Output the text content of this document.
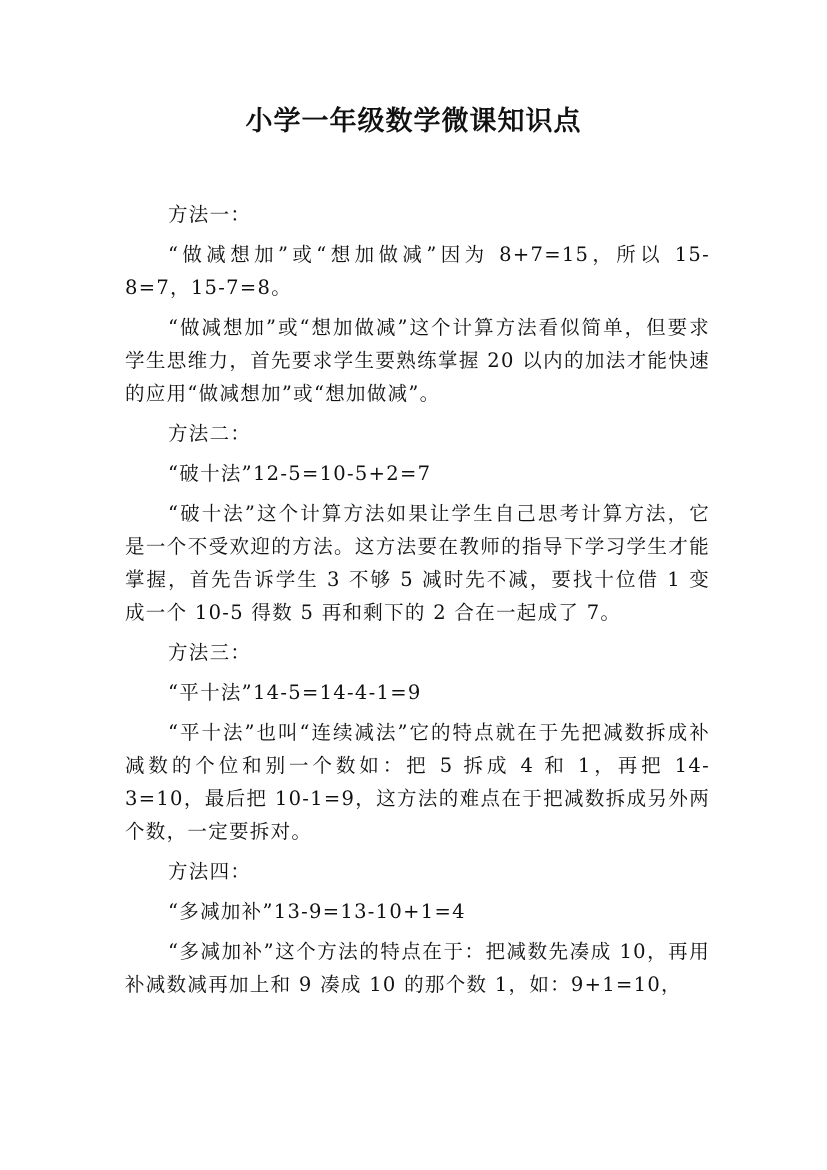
小学一年级数学微课知识点

方法一：

“做减想加”或“想加做减”因为 8+7=15，所以 15-8=7，15-7=8。

“做减想加”或“想加做减”这个计算方法看似简单，但要求学生思维力，首先要求学生要熟练掌握 20 以内的加法才能快速的应用“做减想加”或“想加做减”。

方法二：

“破十法”12-5=10-5+2=7

“破十法”这个计算方法如果让学生自己思考计算方法，它是一个不受欢迎的方法。这方法要在教师的指导下学习学生才能掌握，首先告诉学生 3 不够 5 减时先不减，要找十位借 1 变成一个 10-5 得数 5 再和剩下的 2 合在一起成了 7。

方法三：

“平十法”14-5=14-4-1=9

“平十法”也叫“连续减法”它的特点就在于先把减数拆成补减数的个位和别一个数如：把 5 拆成 4 和 1，再把 14-3=10，最后把 10-1=9，这方法的难点在于把减数拆成另外两个数，一定要拆对。

方法四：

“多减加补”13-9=13-10+1=4

“多减加补”这个方法的特点在于：把减数先凑成 10，再用补减数减再加上和 9 凑成 10 的那个数 1，如：9+1=10，
